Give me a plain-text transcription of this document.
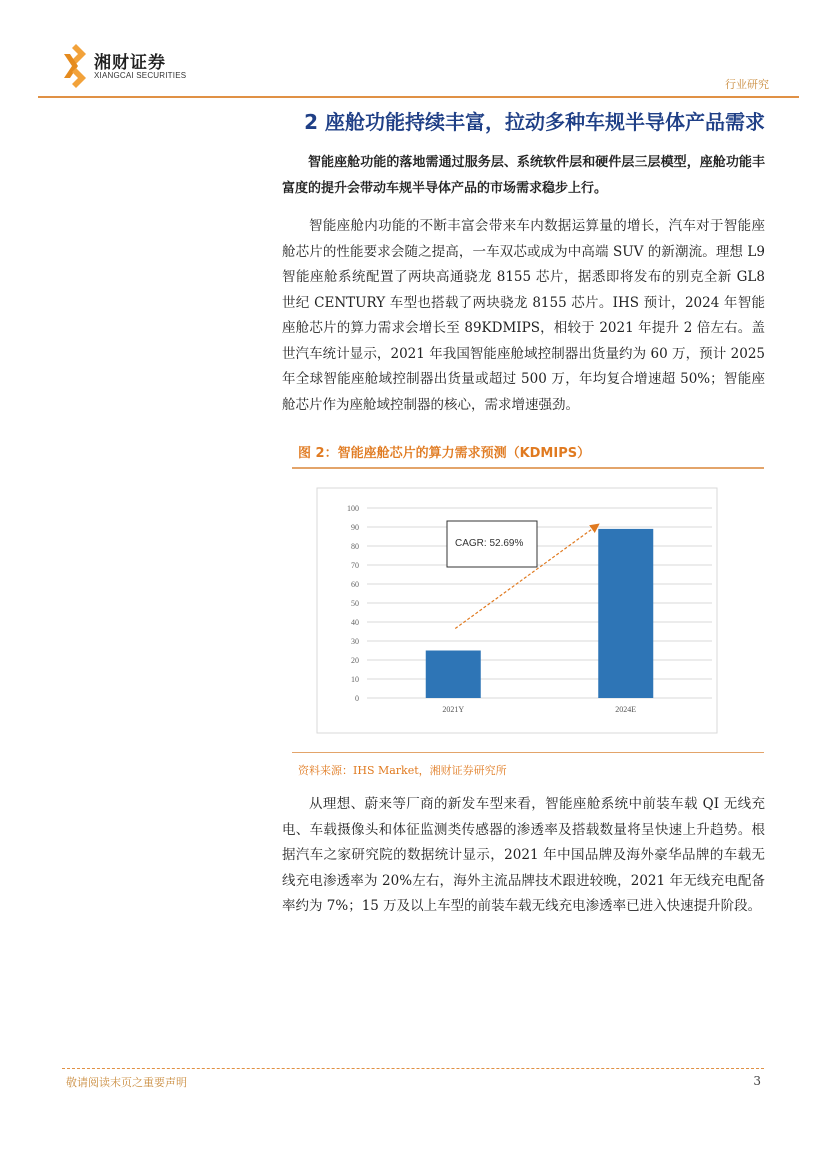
湘财证券
XIANGCAI SECURITIES
行业研究
2 座舱功能持续丰富，拉动多种车规半导体产品需求

智能座舱功能的落地需通过服务层、系统软件层和硬件层三层模型，座舱功能丰富度的提升会带动车规半导体产品的市场需求稳步上行。

智能座舱内功能的不断丰富会带来车内数据运算量的增长，汽车对于智能座舱芯片的性能要求会随之提高，一车双芯或成为中高端 SUV 的新潮流。理想 L9 智能座舱系统配置了两块高通骁龙 8155 芯片，据悉即将发布的别克全新 GL8 世纪 CENTURY 车型也搭载了两块骁龙 8155 芯片。IHS 预计，2024 年智能座舱芯片的算力需求会增长至 89KDMIPS，相较于 2021 年提升 2 倍左右。盖世汽车统计显示，2021 年我国智能座舱域控制器出货量约为 60 万，预计 2025 年全球智能座舱域控制器出货量或超过 500 万，年均复合增速超 50%；智能座舱芯片作为座舱域控制器的核心，需求增速强劲。

图 2：智能座舱芯片的算力需求预测（KDMIPS）
0
10
20
30
40
50
60
70
80
90
100
2021Y	2024E
CAGR: 52.69%
资料来源：IHS Market，湘财证券研究所

从理想、蔚来等厂商的新发车型来看，智能座舱系统中前装车载 QI 无线充电、车载摄像头和体征监测类传感器的渗透率及搭载数量将呈快速上升趋势。根据汽车之家研究院的数据统计显示，2021 年中国品牌及海外豪华品牌的车载无线充电渗透率为 20%左右，海外主流品牌技术跟进较晚，2021 年无线充电配备率约为 7%；15 万及以上车型的前装车载无线充电渗透率已进入快速提升阶段。

敬请阅读末页之重要声明	3
